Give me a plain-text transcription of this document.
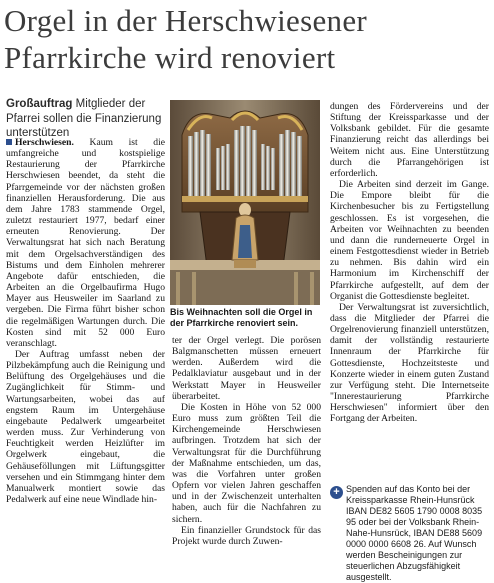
Orgel in der Herschwiesener
Pfarrkirche wird renoviert
Großauftrag Mitglieder der Pfarrei sollen die Finanzierung unterstützen

Herschwiesen. Kaum ist die umfangreiche und kostspielige Restaurierung der Pfarrkirche Herschwiesen beendet, da steht die Pfarrgemeinde vor der nächsten großen finanziellen Herausforderung. Die aus dem Jahre 1783 stammende Orgel, zuletzt restauriert 1977, bedarf einer erneuten Renovierung. Der Verwaltungsrat hat sich nach Beratung mit dem Orgelsachverständigen des Bistums und dem Einholen mehrerer Angebote dafür entschieden, die Arbeiten an die Orgelbaufirma Hugo Mayer aus Heusweiler im Saarland zu vergeben. Die Firma führt bisher schon die regelmäßigen Wartungen durch. Die Kosten sind mit 52 000 Euro veranschlagt.

Der Auftrag umfasst neben der Pilzbekämpfung auch die Reinigung und Belüftung des Orgelgehäuses und die Zugänglichkeit für Stimm- und Wartungsarbeiten, wobei das auf engstem Raum im Untergehäuse eingebaute Pedalwerk umgearbeitet werden muss. Zur Verhinderung von Feuchtigkeit werden Heizlüfter im Orgelwerk eingebaut, die Gehäuseföllungen mit Lüftungsgitter versehen und ein Stimmgang hinter dem Manualwerk montiert sowie das Pedalwerk auf eine neue Windlade hin-

Bis Weihnachten soll die Orgel in der Pfarrkirche renoviert sein.

ter der Orgel verlegt. Die porösen Balgmanschetten müssen erneuert werden. Außerdem wird die Pedalklaviatur ausgebaut und in der Werkstatt Mayer in Heusweiler überarbeitet.

Die Kosten in Höhe von 52 000 Euro muss zum größten Teil die Kirchengemeinde Herschwiesen aufbringen. Trotzdem hat sich der Verwaltungsrat für die Durchführung der Maßnahme entschieden, um das, was die Vorfahren unter großen Opfern vor vielen Jahren geschaffen und in der Zwischenzeit unterhalten haben, auch für die Nachfahren zu sichern.

Ein finanzieller Grundstock für das Projekt wurde durch Zuwen-

dungen des Fördervereins und der Stiftung der Kreissparkasse und der Volksbank gebildet. Für die gesamte Finanzierung reicht das allerdings bei Weitem nicht aus. Eine Unterstützung durch die Pfarrangehörigen ist erforderlich.

Die Arbeiten sind derzeit im Gange. Die Empore bleibt für die Kirchenbesucher bis zu Fertigstellung geschlossen. Es ist vorgesehen, die Arbeiten vor Weihnachten zu beenden und dann die runderneuerte Orgel in einem Festgottesdienst wieder in Betrieb zu nehmen. Bis dahin wird ein Harmonium im Kirchenschiff der Pfarrkirche aufgestellt, auf dem der Organist die Gottesdienste begleitet.

Der Verwaltungsrat ist zuversichtlich, dass die Mitglieder der Pfarrei die Orgelrenovierung finanziell unterstützen, damit der vollständig restaurierte Innenraum der Pfarrkirche für Gottesdienste, Hochzeitsteste und Konzerte wieder in einem guten Zustand zur Verfügung steht. Die Internetseite "Innerestaurierung Pfarrkirche Herschwiesen" informiert über den Fortgang der Arbeiten.

+ Spenden auf das Konto bei der Kreissparkasse Rhein-Hunsrück IBAN DE82 5605 1790 0008 8035 95 oder bei der Volksbank Rhein-Nahe-Hunsrück, IBAN DE88 5609 0000 0000 6608 26. Auf Wunsch werden Bescheinigungen zur steuerlichen Abzugsfähigkeit ausgestellt.
